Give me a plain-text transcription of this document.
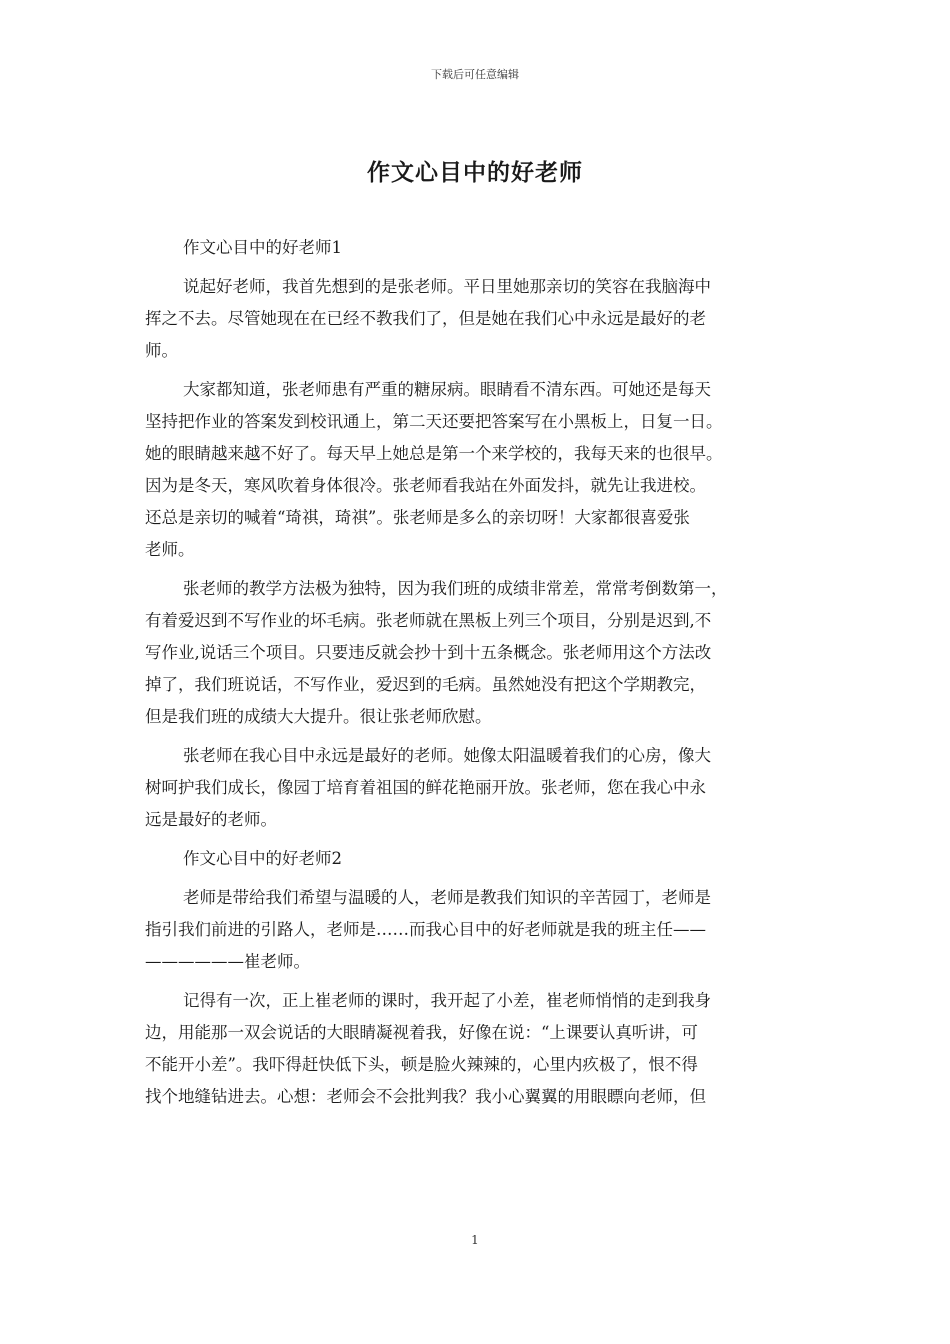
下载后可任意编辑
作文心目中的好老师
作文心目中的好老师1
说起好老师，我首先想到的是张老师。平日里她那亲切的笑容在我脑海中
挥之不去。尽管她现在在已经不教我们了，但是她在我们心中永远是最好的老
师。
大家都知道，张老师患有严重的糖尿病。眼睛看不清东西。可她还是每天
坚持把作业的答案发到校讯通上，第二天还要把答案写在小黑板上，日复一日。
她的眼睛越来越不好了。每天早上她总是第一个来学校的，我每天来的也很早。
因为是冬天，寒风吹着身体很冷。张老师看我站在外面发抖，就先让我进校。
还总是亲切的喊着“琦祺，琦祺”。张老师是多么的亲切呀！大家都很喜爱张
老师。
张老师的教学方法极为独特，因为我们班的成绩非常差，常常考倒数第一，
有着爱迟到不写作业的坏毛病。张老师就在黑板上列三个项目，分别是迟到,不
写作业,说话三个项目。只要违反就会抄十到十五条概念。张老师用这个方法改
掉了，我们班说话，不写作业，爱迟到的毛病。虽然她没有把这个学期教完，
但是我们班的成绩大大提升。很让张老师欣慰。
张老师在我心目中永远是最好的老师。她像太阳温暖着我们的心房，像大
树呵护我们成长，像园丁培育着祖国的鲜花艳丽开放。张老师，您在我心中永
远是最好的老师。
作文心目中的好老师2
老师是带给我们希望与温暖的人，老师是教我们知识的辛苦园丁，老师是
指引我们前进的引路人，老师是……而我心目中的好老师就是我的班主任——
——————崔老师。
记得有一次，正上崔老师的课时，我开起了小差，崔老师悄悄的走到我身
边，用能那一双会说话的大眼睛凝视着我，好像在说：“上课要认真听讲，可
不能开小差”。我吓得赶快低下头，顿是脸火辣辣的，心里内疚极了，恨不得
找个地缝钻进去。心想：老师会不会批判我？我小心翼翼的用眼瞟向老师，但
1
